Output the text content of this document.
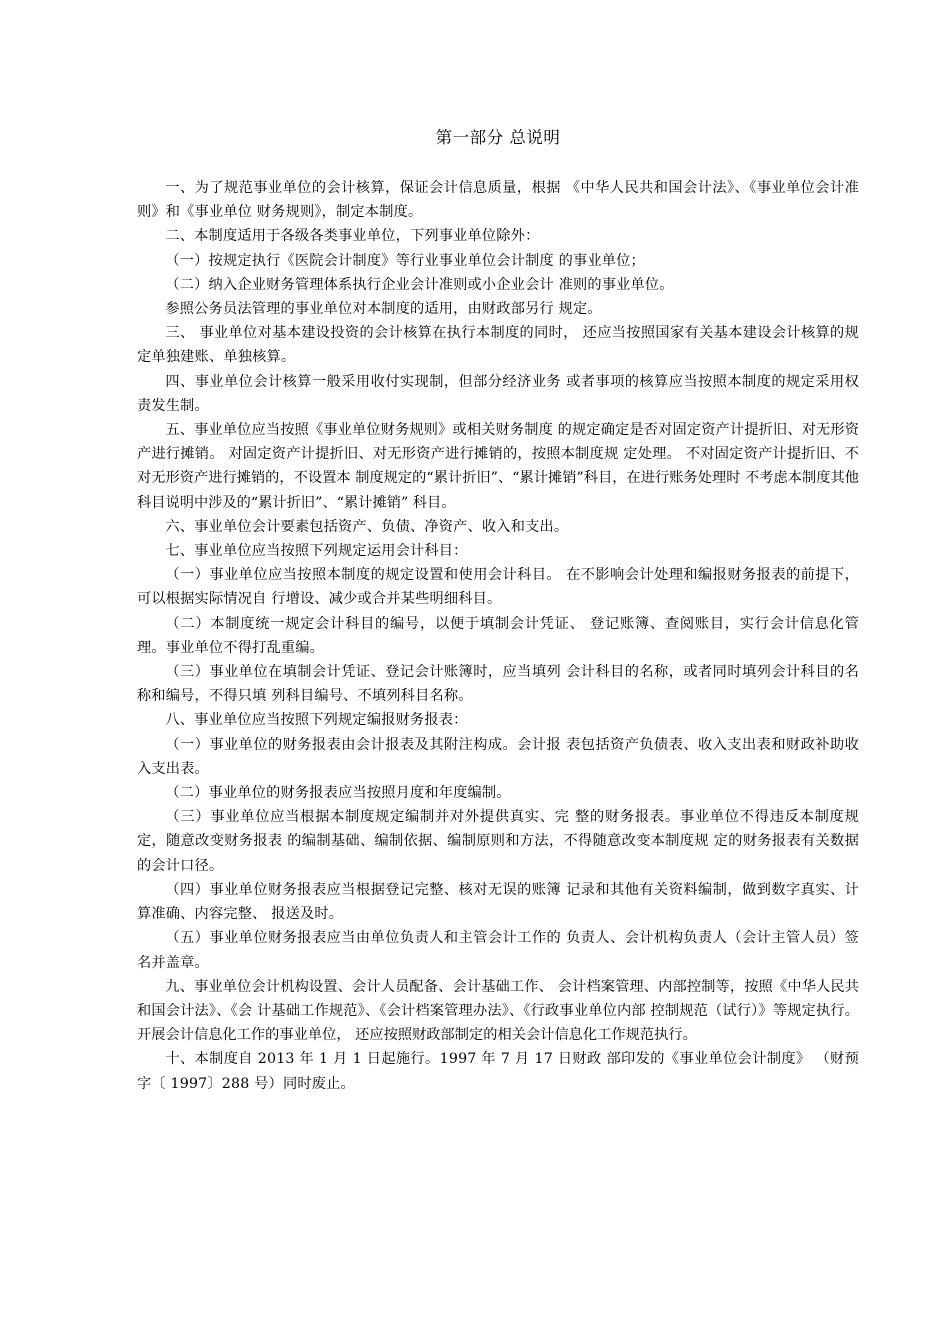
第一部分 总说明

一、为了规范事业单位的会计核算，保证会计信息质量，根据 《中华人民共和国会计法》、《事业单位会计准则》和《事业单位 财务规则》，制定本制度。

二、本制度适用于各级各类事业单位，下列事业单位除外：

（一）按规定执行《医院会计制度》等行业事业单位会计制度 的事业单位；

（二）纳入企业财务管理体系执行企业会计准则或小企业会计 准则的事业单位。

参照公务员法管理的事业单位对本制度的适用，由财政部另行 规定。

三、 事业单位对基本建设投资的会计核算在执行本制度的同时， 还应当按照国家有关基本建设会计核算的规定单独建账、单独核算。

四、事业单位会计核算一般采用收付实现制，但部分经济业务 或者事项的核算应当按照本制度的规定采用权责发生制。

五、事业单位应当按照《事业单位财务规则》或相关财务制度 的规定确定是否对固定资产计提折旧、对无形资产进行摊销。 对固定资产计提折旧、对无形资产进行摊销的，按照本制度规 定处理。 不对固定资产计提折旧、不对无形资产进行摊销的，不设置本 制度规定的“累计折旧”、“累计摊销”科目，在进行账务处理时 不考虑本制度其他科目说明中涉及的“累计折旧”、“累计摊销” 科目。

六、事业单位会计要素包括资产、负债、净资产、收入和支出。

七、事业单位应当按照下列规定运用会计科目：

（一）事业单位应当按照本制度的规定设置和使用会计科目。 在不影响会计处理和编报财务报表的前提下，可以根据实际情况自 行增设、减少或合并某些明细科目。

（二）本制度统一规定会计科目的编号，以便于填制会计凭证、 登记账簿、查阅账目，实行会计信息化管理。事业单位不得打乱重编。

（三）事业单位在填制会计凭证、登记会计账簿时，应当填列 会计科目的名称，或者同时填列会计科目的名称和编号，不得只填 列科目编号、不填列科目名称。

八、事业单位应当按照下列规定编报财务报表：

（一）事业单位的财务报表由会计报表及其附注构成。会计报 表包括资产负债表、收入支出表和财政补助收入支出表。

（二）事业单位的财务报表应当按照月度和年度编制。

（三）事业单位应当根据本制度规定编制并对外提供真实、完 整的财务报表。事业单位不得违反本制度规定，随意改变财务报表 的编制基础、编制依据、编制原则和方法，不得随意改变本制度规 定的财务报表有关数据的会计口径。

（四）事业单位财务报表应当根据登记完整、核对无误的账簿 记录和其他有关资料编制，做到数字真实、计算准确、内容完整、 报送及时。

（五）事业单位财务报表应当由单位负责人和主管会计工作的 负责人、会计机构负责人（会计主管人员）签名并盖章。

九、事业单位会计机构设置、会计人员配备、会计基础工作、 会计档案管理、内部控制等，按照《中华人民共和国会计法》、《会 计基础工作规范》、《会计档案管理办法》、《行政事业单位内部 控制规范（试行）》等规定执行。开展会计信息化工作的事业单位， 还应按照财政部制定的相关会计信息化工作规范执行。

十、本制度自 2013 年 1 月 1 日起施行。1997 年 7 月 17 日财政 部印发的《事业单位会计制度》 （财预字〔 1997〕288 号）同时废止。
